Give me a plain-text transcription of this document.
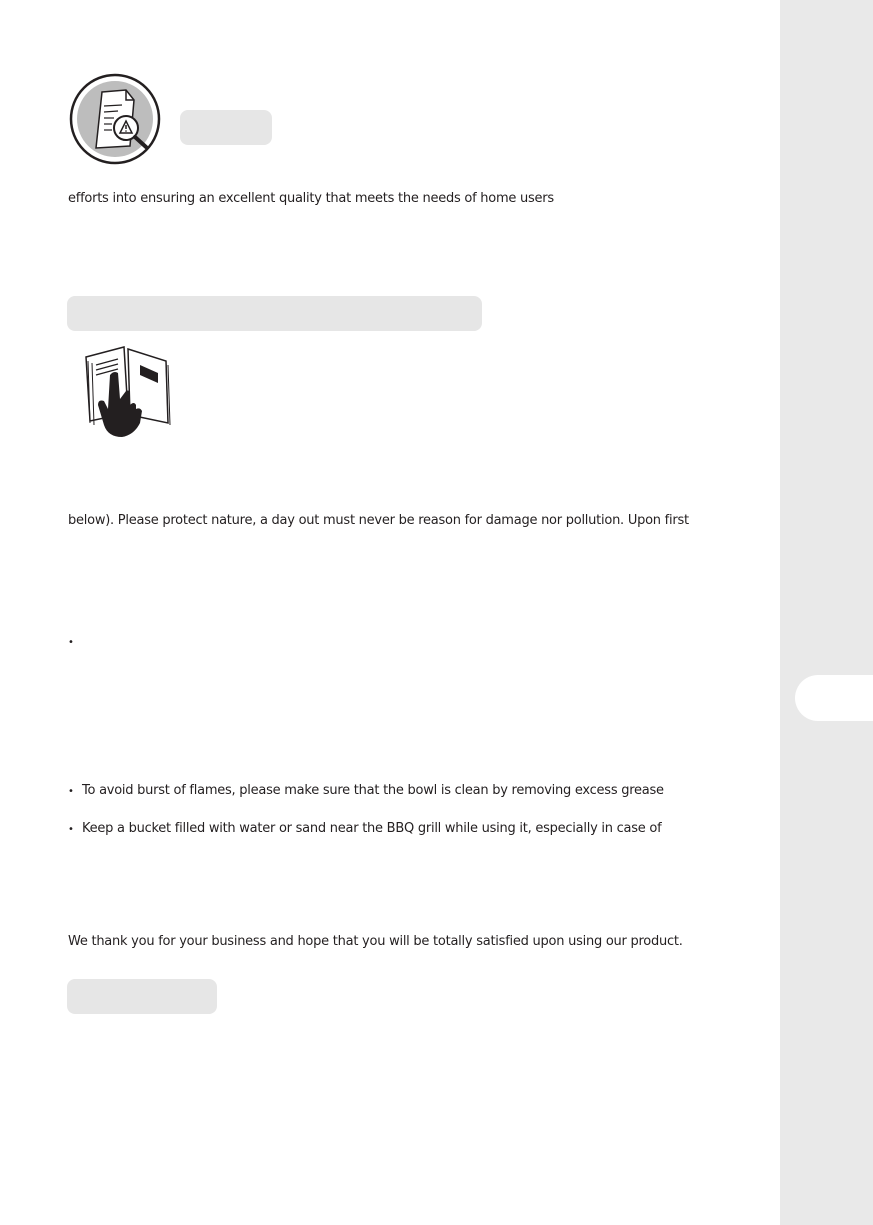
efforts into ensuring an excellent quality that meets the needs of home users
below). Please protect nature, a day out must never be reason for damage nor pollution. Upon first
•
• To avoid burst of flames, please make sure that the bowl is clean by removing excess grease
• Keep a bucket filled with water or sand near the BBQ grill while using it, especially in case of
We thank you for your business and hope that you will be totally satisfied upon using our product.
